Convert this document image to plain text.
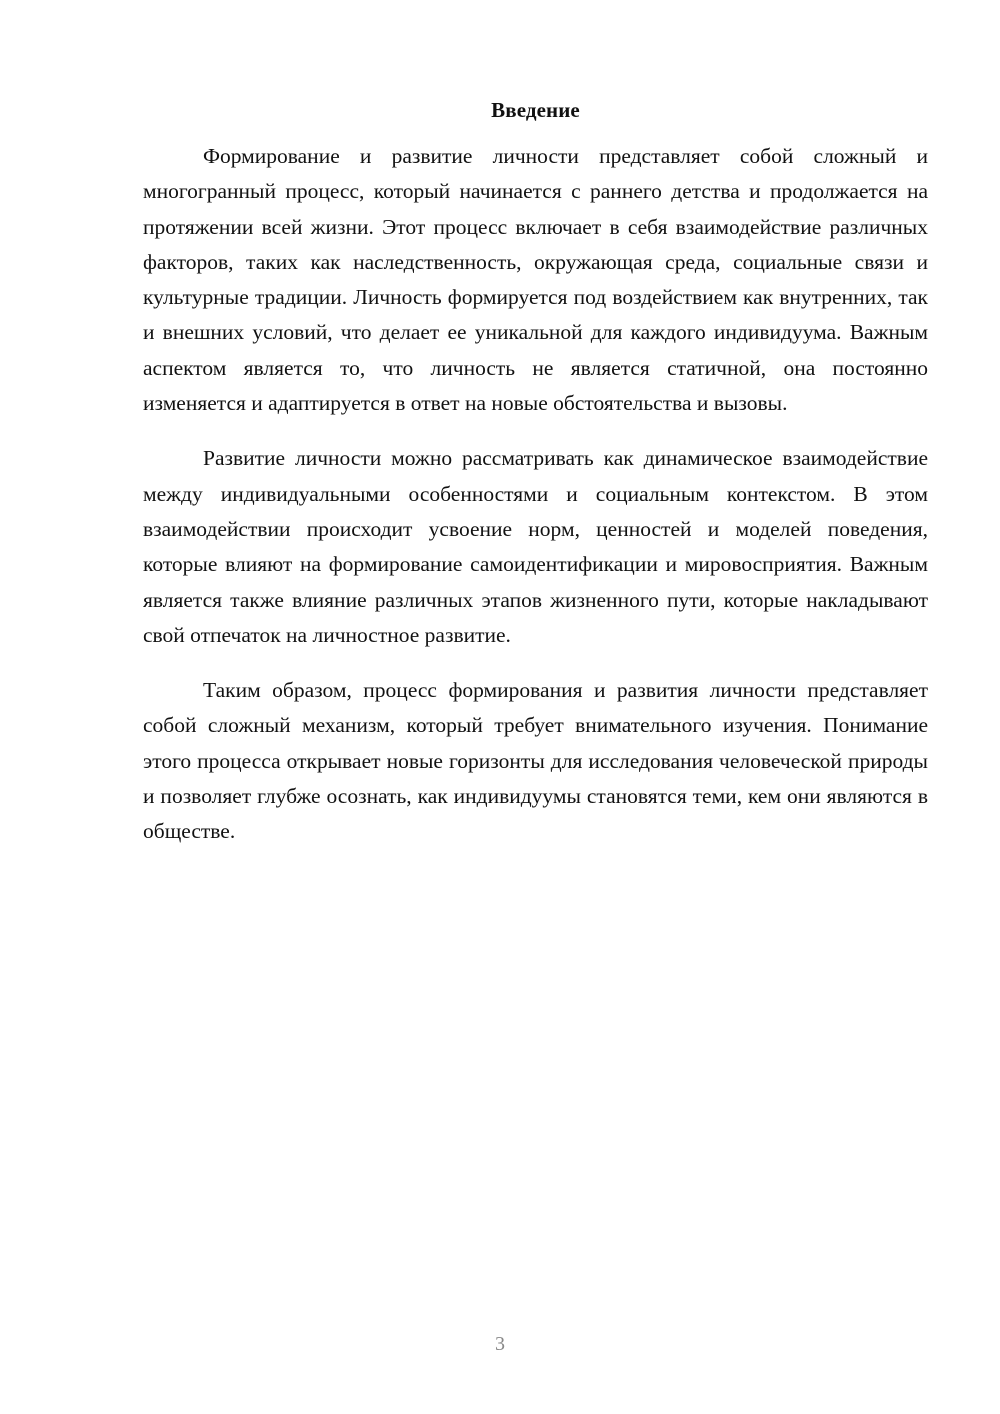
Введение

Формирование и развитие личности представляет собой сложный и многогранный процесс, который начинается с раннего детства и продолжается на протяжении всей жизни. Этот процесс включает в себя взаимодействие различных факторов, таких как наследственность, окружающая среда, социальные связи и культурные традиции. Личность формируется под воздействием как внутренних, так и внешних условий, что делает ее уникальной для каждого индивидуума. Важным аспектом является то, что личность не является статичной, она постоянно изменяется и адаптируется в ответ на новые обстоятельства и вызовы.

Развитие личности можно рассматривать как динамическое взаимодействие между индивидуальными особенностями и социальным контекстом. В этом взаимодействии происходит усвоение норм, ценностей и моделей поведения, которые влияют на формирование самоидентификации и мировосприятия. Важным является также влияние различных этапов жизненного пути, которые накладывают свой отпечаток на личностное развитие.

Таким образом, процесс формирования и развития личности представляет собой сложный механизм, который требует внимательного изучения. Понимание этого процесса открывает новые горизонты для исследования человеческой природы и позволяет глубже осознать, как индивидуумы становятся теми, кем они являются в обществе.

3
